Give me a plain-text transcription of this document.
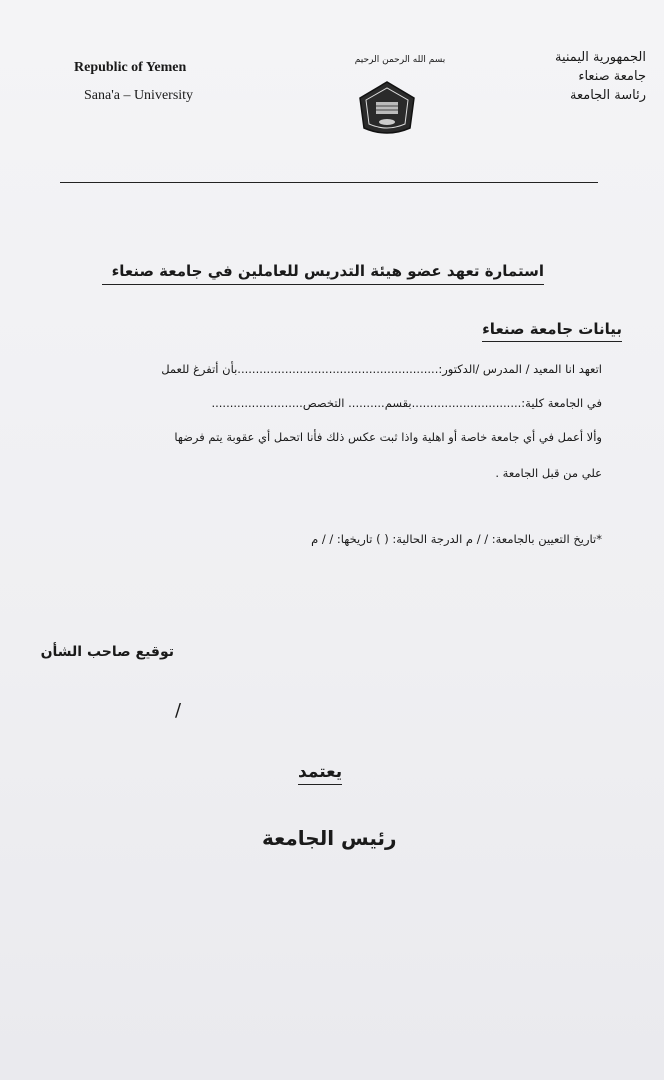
Republic of Yemen
Sana'a – University
بسم الله الرحمن الرحيم	الجمهورية اليمنية
جامعة صنعاء
رئاسة الجامعة
استمارة تعهد عضو هيئة التدريس للعاملين في جامعة صنعاء
بيانات جامعة صنعاء
اتعهد انا المعيد / المدرس /الدكتور:.......................................................بأن أتفرغ للعمل
في الجامعة كلية:..............................بقسم.......... التخصص.........................
وألا أعمل في أي جامعة خاصة أو اهلية واذا ثبت عكس ذلك فأنا اتحمل أي عقوبة يتم فرضها
علي من قبل الجامعة .
*تاريخ التعيين بالجامعة: / / م الدرجة الحالية: ( ) تاريخها: / / م
توقيع صاحب الشأن
/
يعتمد
رئيس الجامعة
